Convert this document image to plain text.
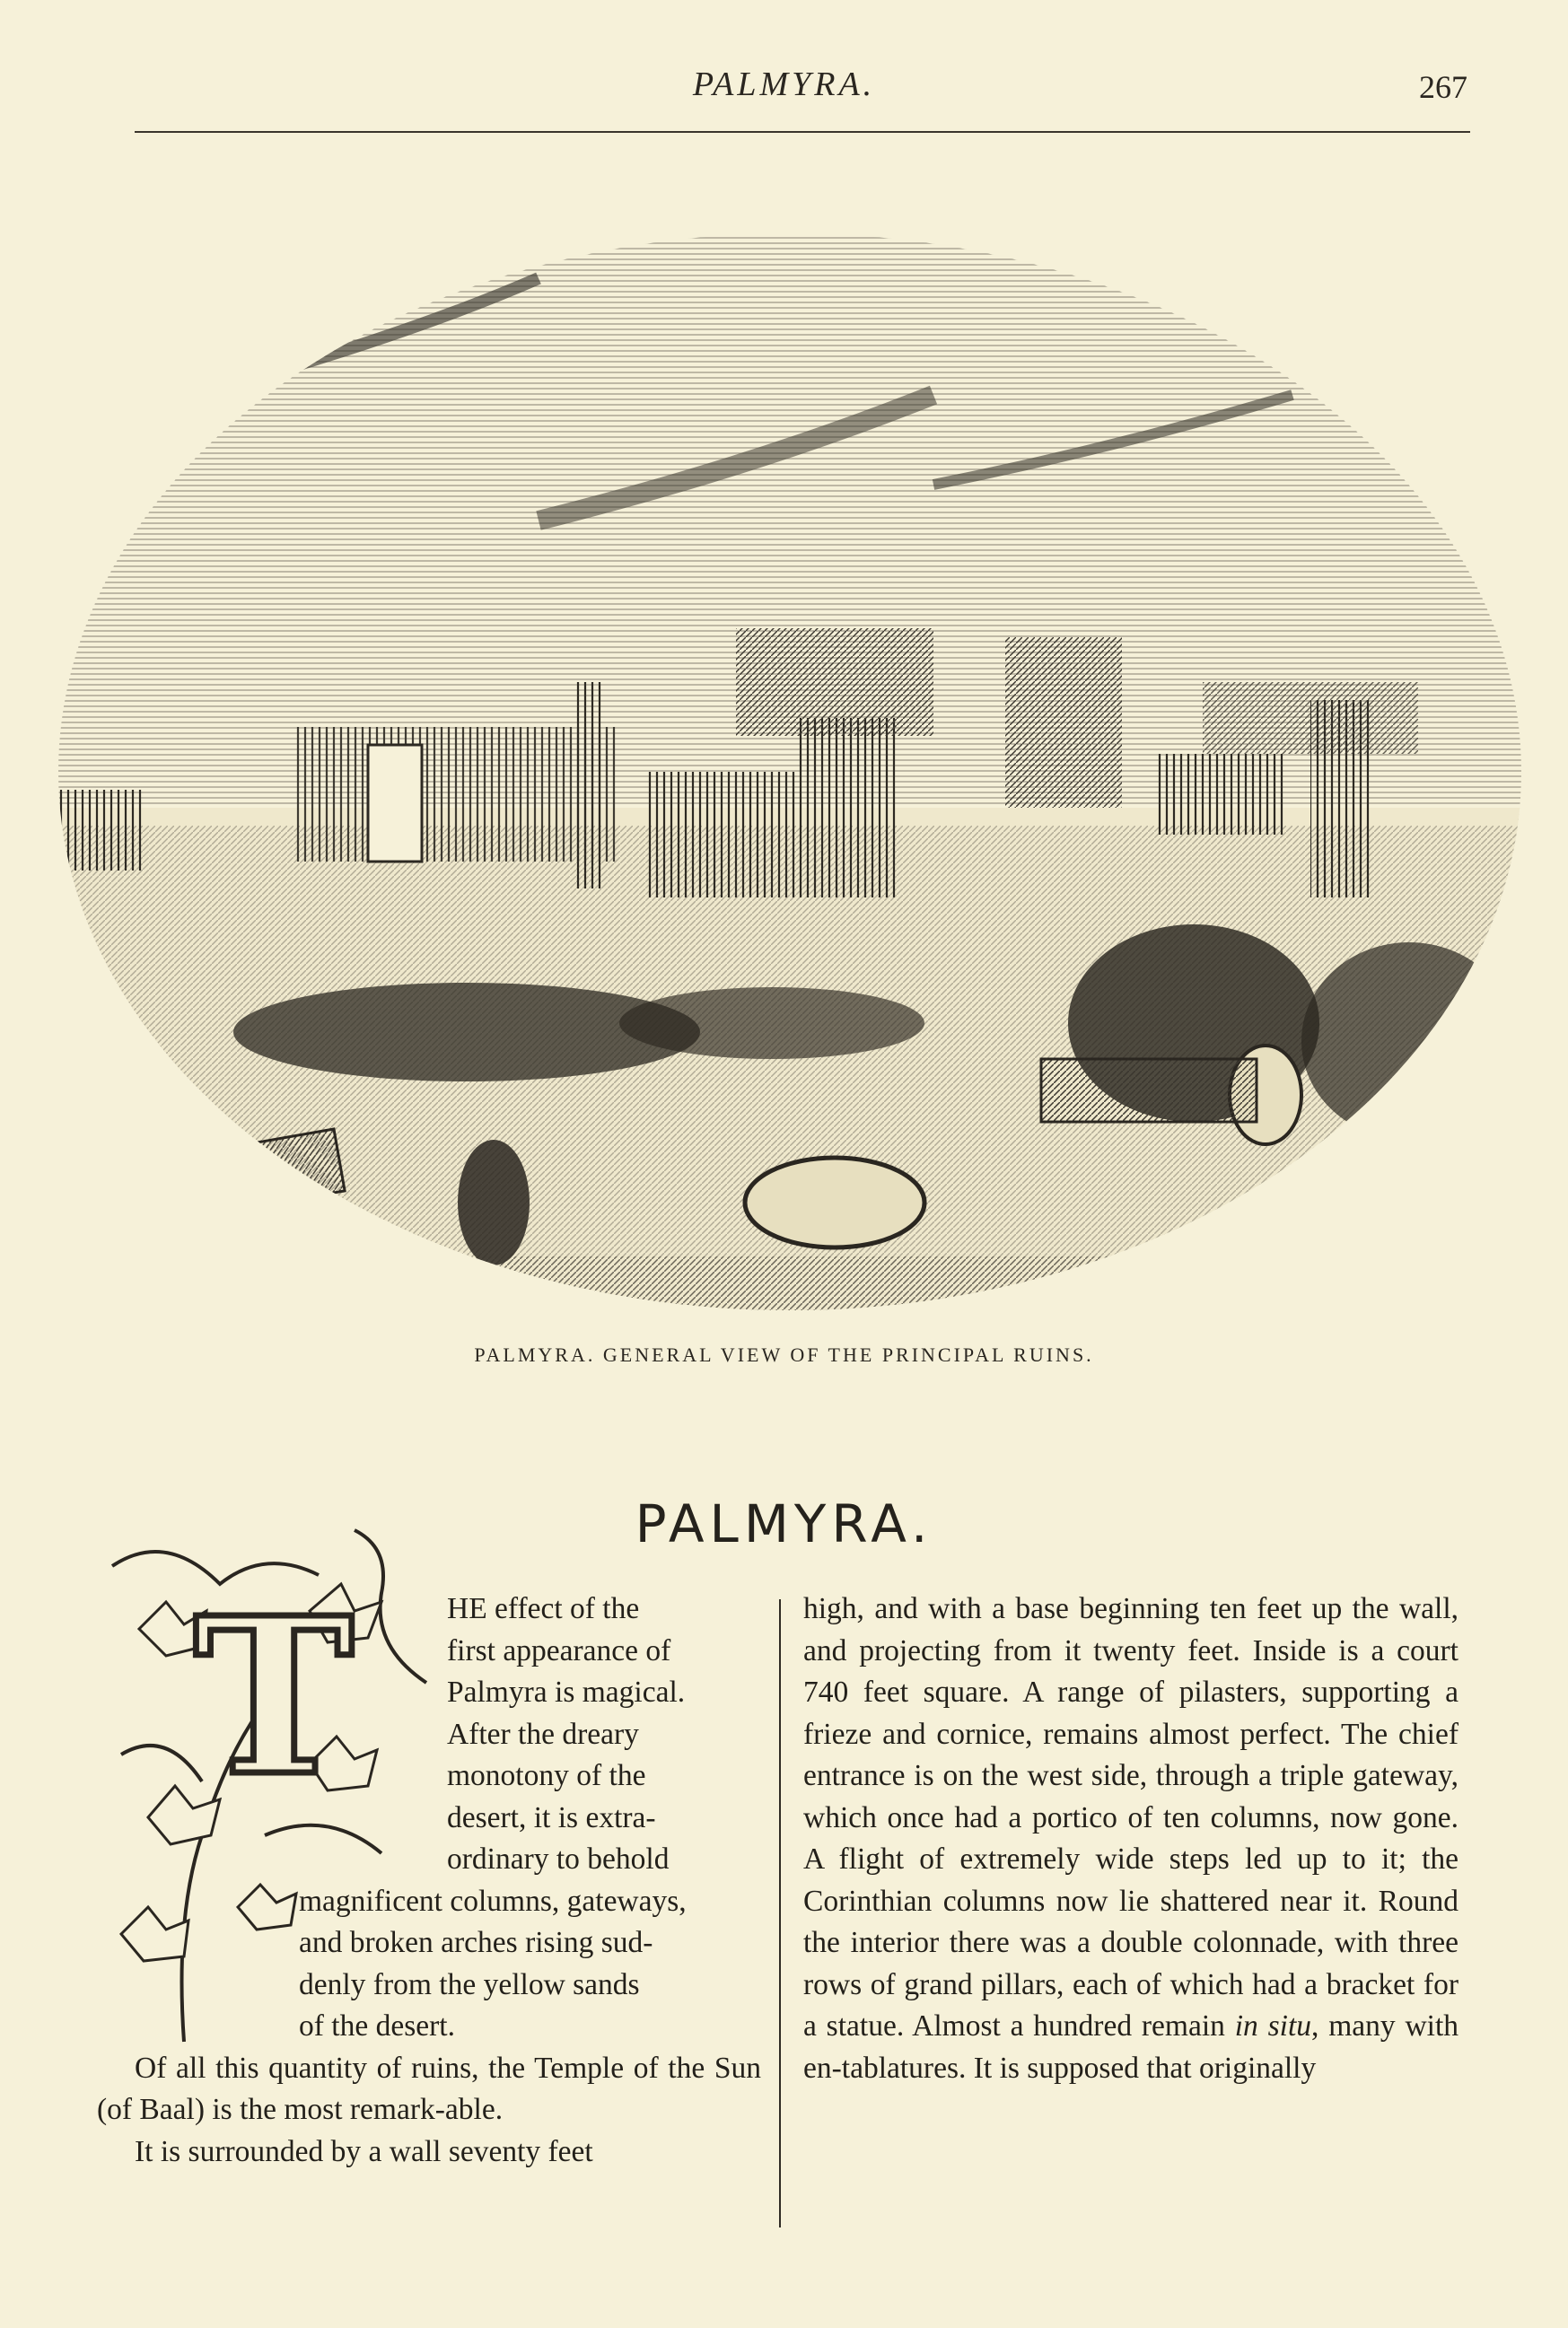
PALMYRA.	267
PALMYRA. GENERAL VIEW OF THE PRINCIPAL RUINS.
PALMYRA.
T	HE effect of the
first appearance of
Palmyra is magical.
After the dreary
monotony of the
desert, it is extra-
ordinary to behold
magnificent columns, gateways,
and broken arches rising sud-
denly from the yellow sands
of the desert.

Of all this quantity of ruins, the Temple of the Sun (of Baal) is the most remark-able.

It is surrounded by a wall seventy feet

high, and with a base beginning ten feet up the wall, and projecting from it twenty feet. Inside is a court 740 feet square. A range of pilasters, supporting a frieze and cornice, remains almost perfect. The chief entrance is on the west side, through a triple gateway, which once had a portico of ten columns, now gone. A flight of extremely wide steps led up to it; the Corinthian columns now lie shattered near it. Round the interior there was a double colonnade, with three rows of grand pillars, each of which had a bracket for a statue. Almost a hundred remain in situ, many with en-tablatures. It is supposed that originally
